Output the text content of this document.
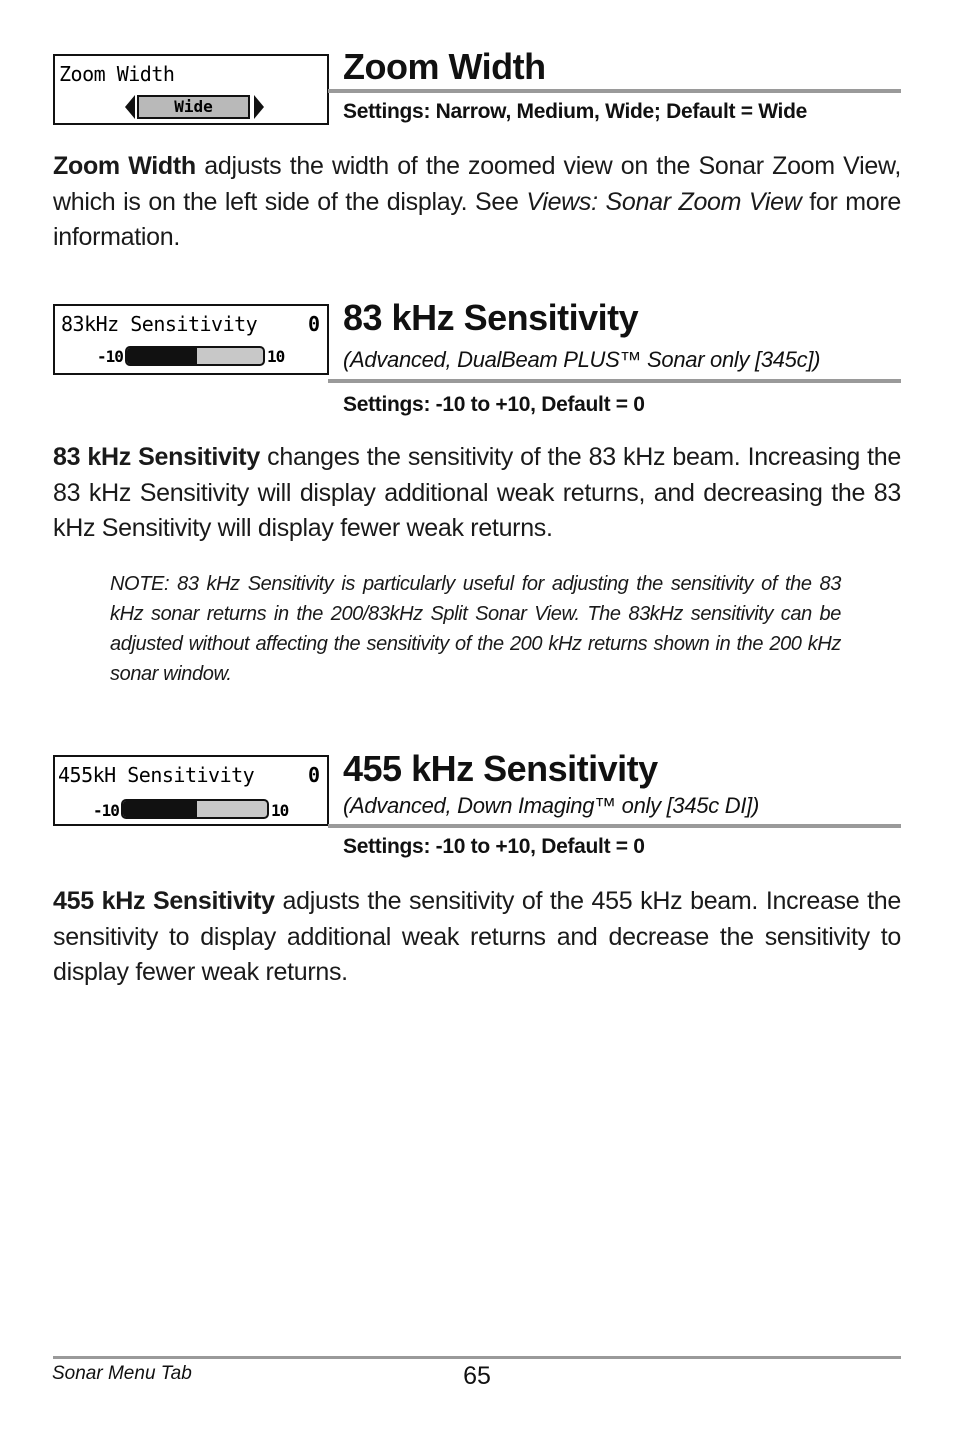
Zoom Width
Wide
Zoom Width
Settings: Narrow, Medium, Wide; Default = Wide
Zoom Width adjusts the width of the zoomed view on the Sonar Zoom View, which is on the left side of the display. See Views: Sonar Zoom View for more information.
83kHz Sensitivity	0
-10	10
83 kHz Sensitivity
(Advanced, DualBeam PLUS™ Sonar only [345c])
Settings: -10 to +10, Default = 0
83 kHz Sensitivity changes the sensitivity of the 83 kHz beam. Increasing the 83 kHz Sensitivity will display additional weak returns, and decreasing the 83 kHz Sensitivity will display fewer weak returns.
NOTE: 83 kHz Sensitivity is particularly useful for adjusting the sensitivity of the 83 kHz sonar returns in the 200/83kHz Split Sonar View. The 83kHz sensitivity can be adjusted without affecting the sensitivity of the 200 kHz returns shown in the 200 kHz sonar window.
455kH Sensitivity	0
-10	10
455 kHz Sensitivity
(Advanced, Down Imaging™ only [345c DI])
Settings: -10 to +10, Default = 0
455 kHz Sensitivity adjusts the sensitivity of the 455 kHz beam. Increase the sensitivity to display additional weak returns and decrease the sensitivity to display fewer weak returns.
Sonar Menu Tab	65
